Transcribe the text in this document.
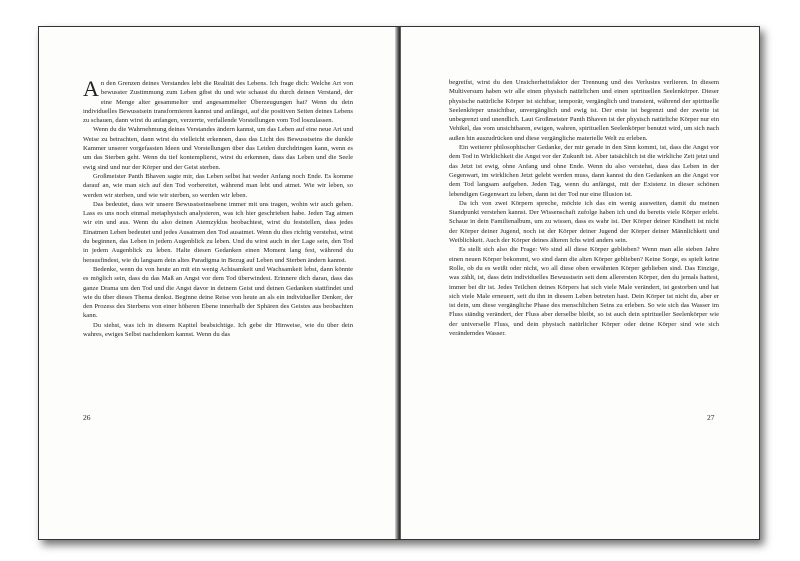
An den Grenzen deines Verstandes lebt die Realität des Lebens. Ich frage dich: Welche Art von bewusster Zustimmung zum Leben gibst du und wie schaust du durch deinen Verstand, der eine Menge alter gesammelter und angesammelter Überzeugungen hat? Wenn du dein individuelles Bewusstsein transformieren kannst und anfängst, auf die positiven Seiten deines Lebens zu schauen, dann wirst du anfangen, verzerrte, verfallende Vorstellungen vom Tod loszulassen.

Wenn du die Wahrnehmung deines Verstandes ändern kannst, um das Leben auf eine neue Art und Weise zu betrachten, dann wirst du vielleicht erkennen, dass das Licht des Bewusstseins die dunkle Kammer unserer vorgefassten Ideen und Vorstellungen über das Leiden durchdringen kann, wenn es um das Sterben geht. Wenn du tief kontemplierst, wirst du erkennen, dass das Leben und die Seele ewig sind und nur der Körper und der Geist sterben.

Großmeister Panth Bhaven sagte mir, das Leben selbst hat weder Anfang noch Ende. Es komme darauf an, wie man sich auf den Tod vorbereitet, während man lebt und atmet. Wie wir leben, so werden wir sterben, und wie wir sterben, so werden wir leben.

Das bedeutet, dass wir unsere Bewusstseinsebene immer mit uns tragen, wohin wir auch gehen. Lass es uns noch einmal metaphysisch analysieren, was ich hier geschrieben habe. Jeden Tag atmen wir ein und aus. Wenn du also deinen Atemzyklus beobachtest, wirst du feststellen, dass jedes Einatmen Leben bedeutet und jedes Ausatmen den Tod ausatmet. Wenn du dies richtig verstehst, wirst du beginnen, das Leben in jedem Augenblick zu leben. Und du wirst auch in der Lage sein, den Tod in jedem Augenblick zu leben. Halte diesen Gedanken einen Moment lang fest, während du herausfindest, wie du langsam dein altes Paradigma in Bezug auf Leben und Sterben ändern kannst.

Bedenke, wenn du von heute an mit ein wenig Achtsamkeit und Wachsamkeit lebst, dann könnte es möglich sein, dass du das Maß an Angst vor dem Tod überwindest. Erinnere dich daran, dass das ganze Drama um den Tod und die Angst davor in deinem Geist und deinen Gedanken stattfindet und wie du über dieses Thema denkst. Beginne deine Reise von heute an als ein individueller Denker, der den Prozess des Sterbens von einer höheren Ebene innerhalb der Sphären des Geistes aus beobachten kann.

Du siehst, was ich in diesem Kapitel beabsichtige. Ich gebe dir Hinweise, wie du über dein wahres, ewiges Selbst nachdenken kannst. Wenn du das

26

begreifst, wirst du den Unsicherheitsfaktor der Trennung und des Verlustes verlieren. In diesem Multiversum haben wir alle einen physisch natürlichen und einen spirituellen Seelenkörper. Dieser physische natürliche Körper ist sichtbar, temporär, vergänglich und transient, während der spirituelle Seelenkörper unsichtbar, unvergänglich und ewig ist. Der erste ist begrenzt und der zweite ist unbegrenzt und unendlich. Laut Großmeister Panth Bhaven ist der physisch natürliche Körper nur ein Vehikel, das vom unsichtbaren, ewigen, wahren, spirituellen Seelenkörper benutzt wird, um sich nach außen hin auszudrücken und diese vergängliche materielle Welt zu erleben.

Ein weiterer philosophischer Gedanke, der mir gerade in den Sinn kommt, ist, dass die Angst vor dem Tod in Wirklichkeit die Angst vor der Zukunft ist. Aber tatsächlich ist die wirkliche Zeit jetzt und das Jetzt ist ewig, ohne Anfang und ohne Ende. Wenn du also verstehst, dass das Leben in der Gegenwart, im wirklichen Jetzt gelebt werden muss, dann kannst du den Gedanken an die Angst vor dem Tod langsam aufgeben. Jeden Tag, wenn du anfängst, mit der Existenz in dieser schönen lebendigen Gegenwart zu leben, dann ist der Tod nur eine Illusion ist.

Da ich von zwei Körpern spreche, möchte ich das ein wenig ausweiten, damit du meinen Standpunkt verstehen kannst. Der Wissenschaft zufolge haben ich und du bereits viele Körper erlebt. Schaue in dein Familienalbum, um zu wissen, dass es wahr ist. Der Körper deiner Kindheit ist nicht der Körper deiner Jugend, noch ist der Körper deiner Jugend der Körper deiner Männlichkeit und Weiblichkeit. Auch der Körper deines älteren Ichs wird anders sein.

Es stellt sich also die Frage: Wo sind all diese Körper geblieben? Wenn man alle sieben Jahre einen neuen Körper bekommt, wo sind dann die alten Körper geblieben? Keine Sorge, es spielt keine Rolle, ob du es weißt oder nicht, wo all diese oben erwähnten Körper geblieben sind. Das Einzige, was zählt, ist, dass dein individuelles Bewusstsein seit dem allerersten Körper, den du jemals hattest, immer bei dir ist. Jedes Teilchen deines Körpers hat sich viele Male verändert, ist gestorben und hat sich viele Male erneuert, seit du ihn in diesem Leben betreten hast. Dein Körper ist nicht du, aber er ist dein, um diese vergängliche Phase des menschlichen Seins zu erleben. So wie sich das Wasser im Fluss ständig verändert, der Fluss aber derselbe bleibt, so ist auch dein spiritueller Seelenkörper wie der universelle Fluss, und dein physisch natürlicher Körper oder deine Körper sind wie sich veränderndes Wasser.

27
